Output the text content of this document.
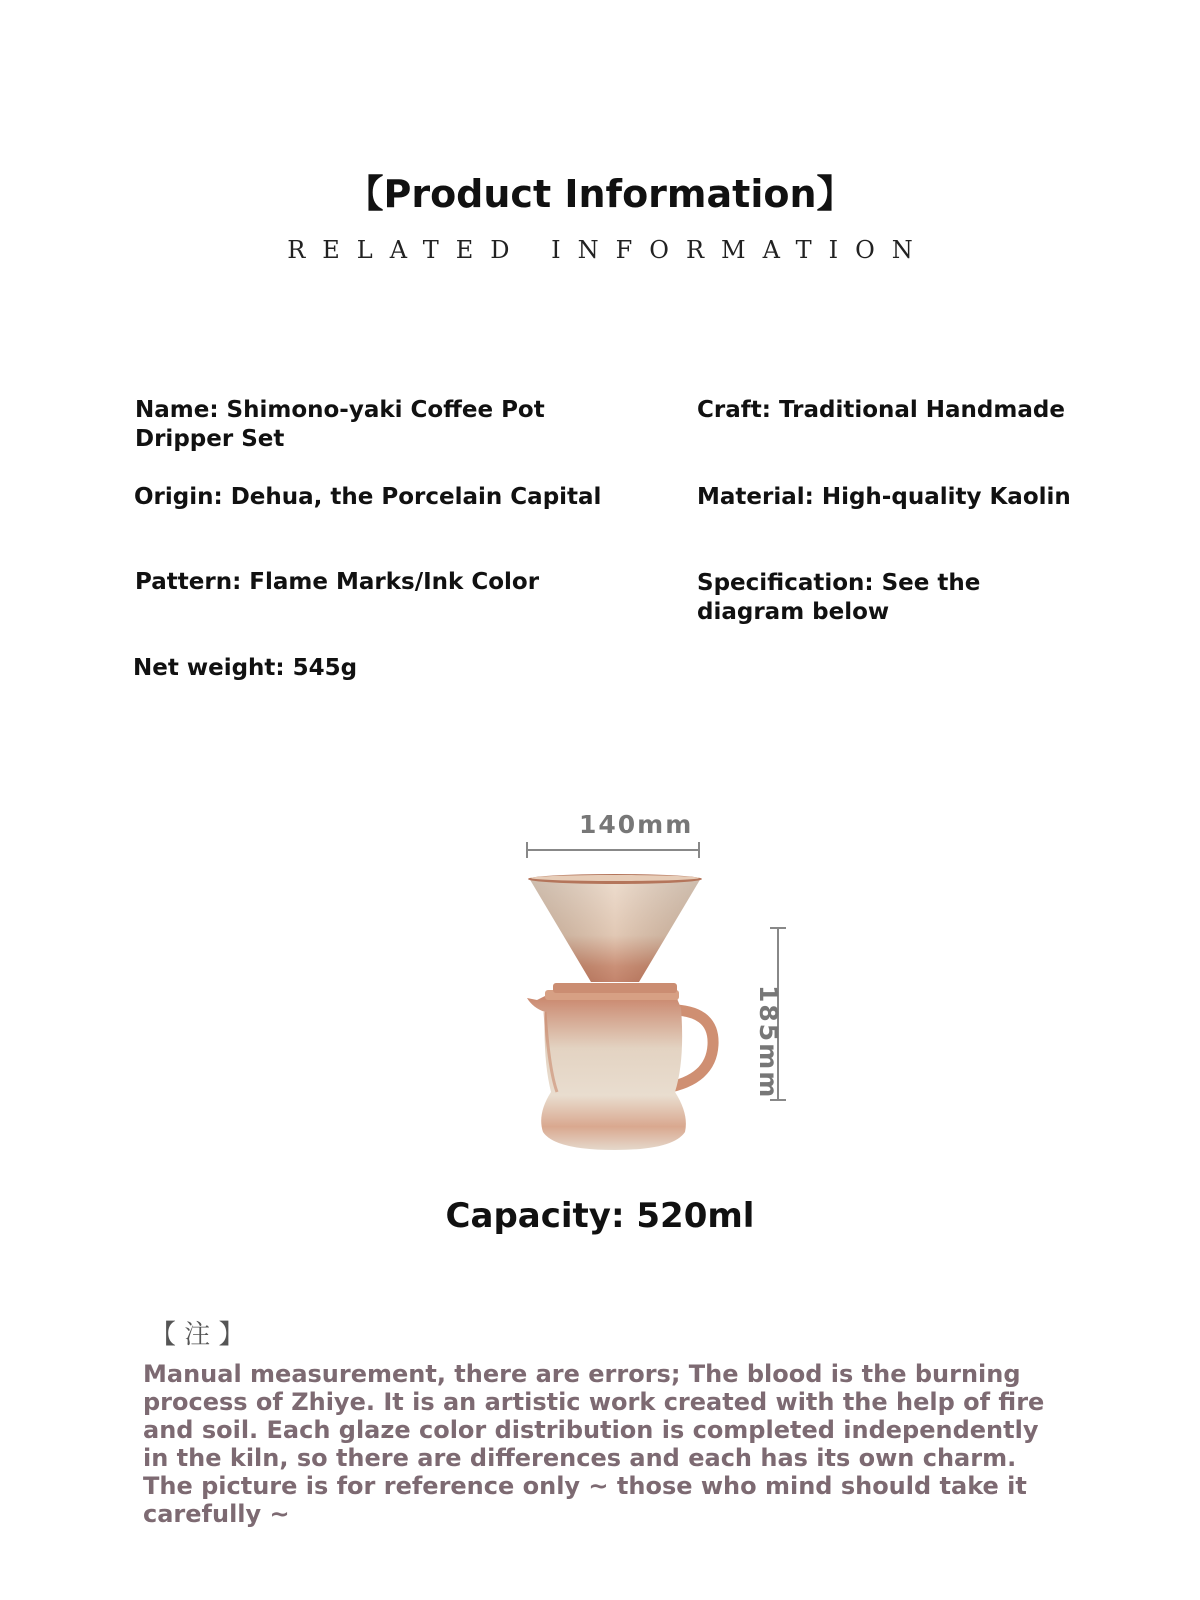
【Product Information】
RELATED INFORMATION
Name: Shimono-yaki Coffee Pot Dripper Set
Craft: Traditional Handmade
Origin: Dehua, the Porcelain Capital	Material: High-quality Kaolin
Pattern: Flame Marks/Ink Color	Specification: See the diagram below
Net weight: 545g
140mm
185mm
Capacity: 520ml
【 注 】
Manual measurement, there are errors; The blood is the burning process of Zhiye. It is an artistic work created with the help of fire and soil. Each glaze color distribution is completed independently in the kiln, so there are differences and each has its own charm. The picture is for reference only ~ those who mind should take it carefully ~
